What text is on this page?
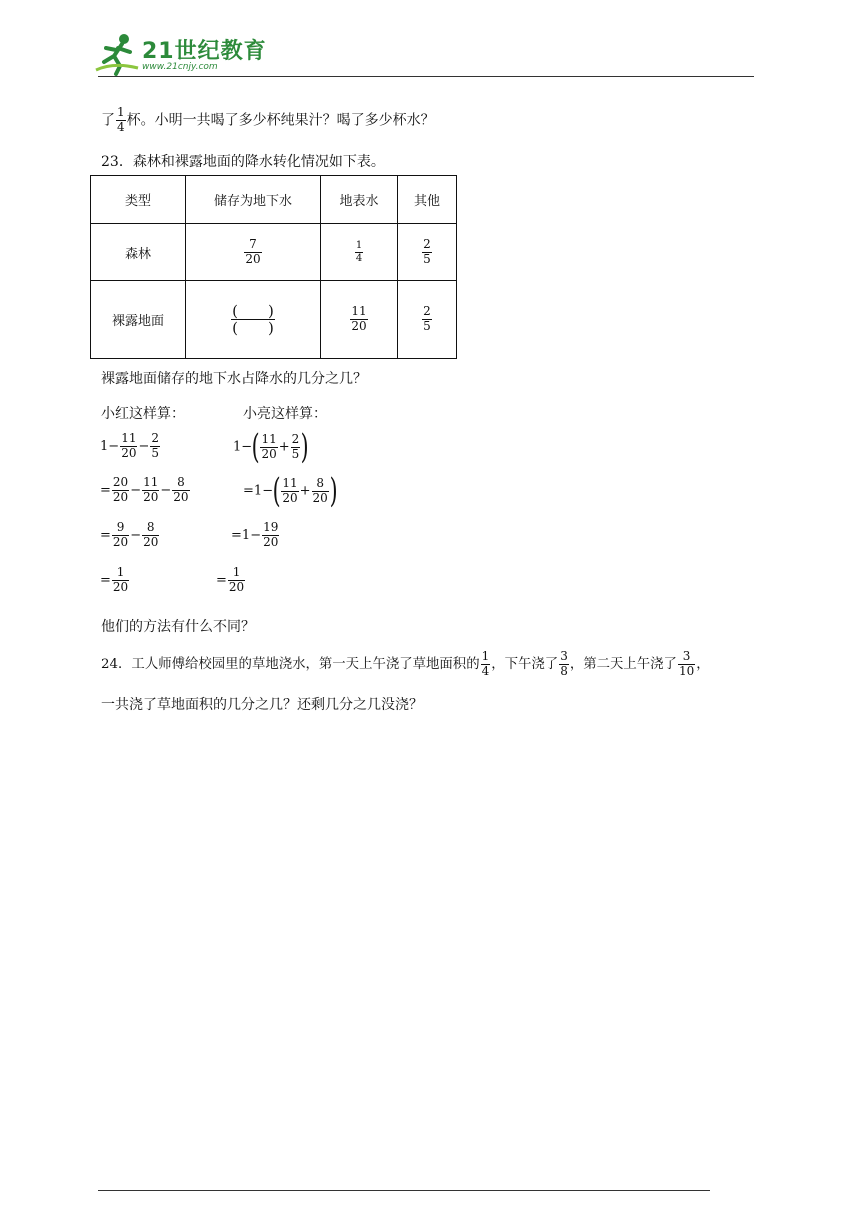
21世纪教育
www.21cnjy.com
了 $\frac{1}{4}$ 杯。小明一共喝了多少杯纯果汁？喝了多少杯水？
23．森林和裸露地面的降水转化情况如下表。
类型	储存为地下水	地表水	其他
森林	$\frac{7}{20}$	$\frac{1}{4}$	$\frac{2}{5}$

裸露地面	$\frac{( )}{( )}$	$\frac{11}{20}$	$\frac{2}{5}$
裸露地面储存的地下水占降水的几分之几？
小红这样算：	小亮这样算：
$1- \frac{11}{20} - \frac{2}{5}$
= $\frac{20}{20} - \frac{11}{20} - \frac{8}{20}$
= $\frac{9}{20} - \frac{8}{20}$
= $\frac{1}{20}$
$1-( \frac{11}{20} + \frac{2}{5}$ )
$=1-( \frac{11}{20} + \frac{8}{20}$ )
$=1- \frac{19}{20}$
= $\frac{1}{20}$
他们的方法有什么不同？
24．工人师傅给校园里的草地浇水，第一天上午浇了草地面积的 $\frac{1}{4}$ ，下午浇了 $\frac{3}{8}$ ，第二天上午浇了 $\frac{3}{10}$ ，
一共浇了草地面积的几分之几？还剩几分之几没浇？
